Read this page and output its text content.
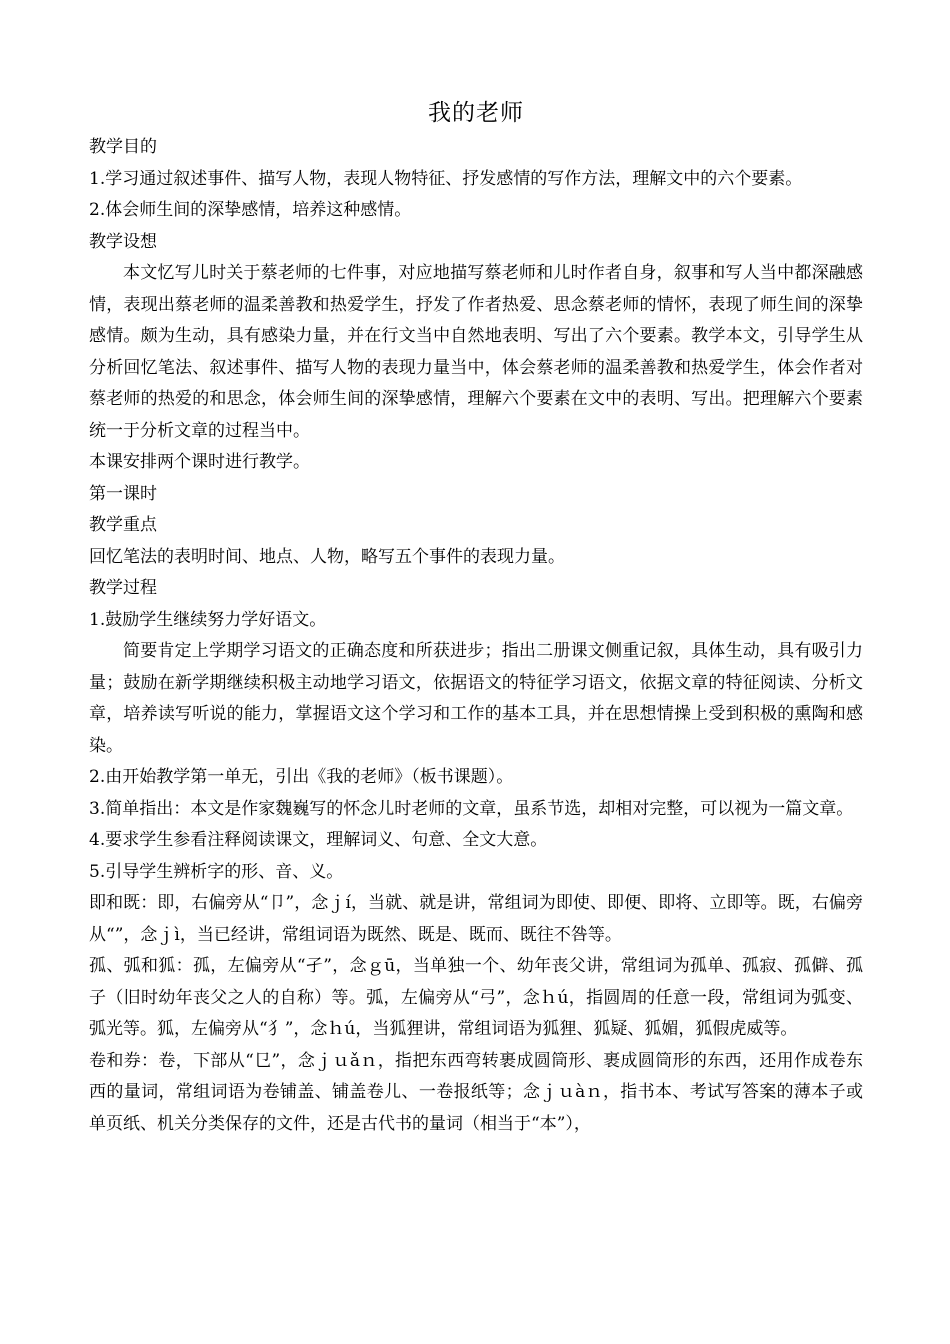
我的老师
教学目的
1.学习通过叙述事件、描写人物，表现人物特征、抒发感情的写作方法，理解文中的六个要素。
2.体会师生间的深挚感情，培养这种感情。
教学设想
本文忆写儿时关于蔡老师的七件事，对应地描写蔡老师和儿时作者自身，叙事和写人当中都深融感情，表现出蔡老师的温柔善教和热爱学生，抒发了作者热爱、思念蔡老师的情怀，表现了师生间的深挚感情。颇为生动，具有感染力量，并在行文当中自然地表明、写出了六个要素。教学本文，引导学生从分析回忆笔法、叙述事件、描写人物的表现力量当中，体会蔡老师的温柔善教和热爱学生，体会作者对蔡老师的热爱的和思念，体会师生间的深挚感情，理解六个要素在文中的表明、写出。把理解六个要素统一于分析文章的过程当中。
本课安排两个课时进行教学。
第一课时
教学重点
回忆笔法的表明时间、地点、人物，略写五个事件的表现力量。
教学过程
1.鼓励学生继续努力学好语文。
简要肯定上学期学习语文的正确态度和所获进步；指出二册课文侧重记叙，具体生动，具有吸引力量；鼓励在新学期继续积极主动地学习语文，依据语文的特征学习语文，依据文章的特征阅读、分析文章，培养读写听说的能力，掌握语文这个学习和工作的基本工具，并在思想情操上受到积极的熏陶和感染。
2.由开始教学第一单无，引出《我的老师》（板书课题）。
3.简单指出：本文是作家魏巍写的怀念儿时老师的文章，虽系节选，却相对完整，可以视为一篇文章。
4.要求学生参看注释阅读课文，理解词义、句意、全文大意。
5.引导学生辨析字的形、音、义。
即和既：即，右偏旁从“卩”，念ｊí，当就、就是讲，常组词为即使、即便、即将、立即等。既，右偏旁从“”，念ｊì，当已经讲，常组词语为既然、既是、既而、既往不咎等。
孤、弧和狐：孤，左偏旁从“孑”，念ｇū，当单独一个、幼年丧父讲，常组词为孤单、孤寂、孤僻、孤子（旧时幼年丧父之人的自称）等。弧，左偏旁从“弓”，念ｈú，指圆周的任意一段，常组词为弧变、弧光等。狐，左偏旁从“犭”，念ｈú，当狐狸讲，常组词语为狐狸、狐疑、狐媚，狐假虎威等。
卷和券：卷，下部从“㔾”，念ｊｕǎｎ，指把东西弯转裹成圆筒形、裹成圆筒形的东西，还用作成卷东西的量词，常组词语为卷铺盖、铺盖卷儿、一卷报纸等；念ｊｕàｎ，指书本、考试写答案的薄本子或单页纸、机关分类保存的文件，还是古代书的量词（相当于“本”），
